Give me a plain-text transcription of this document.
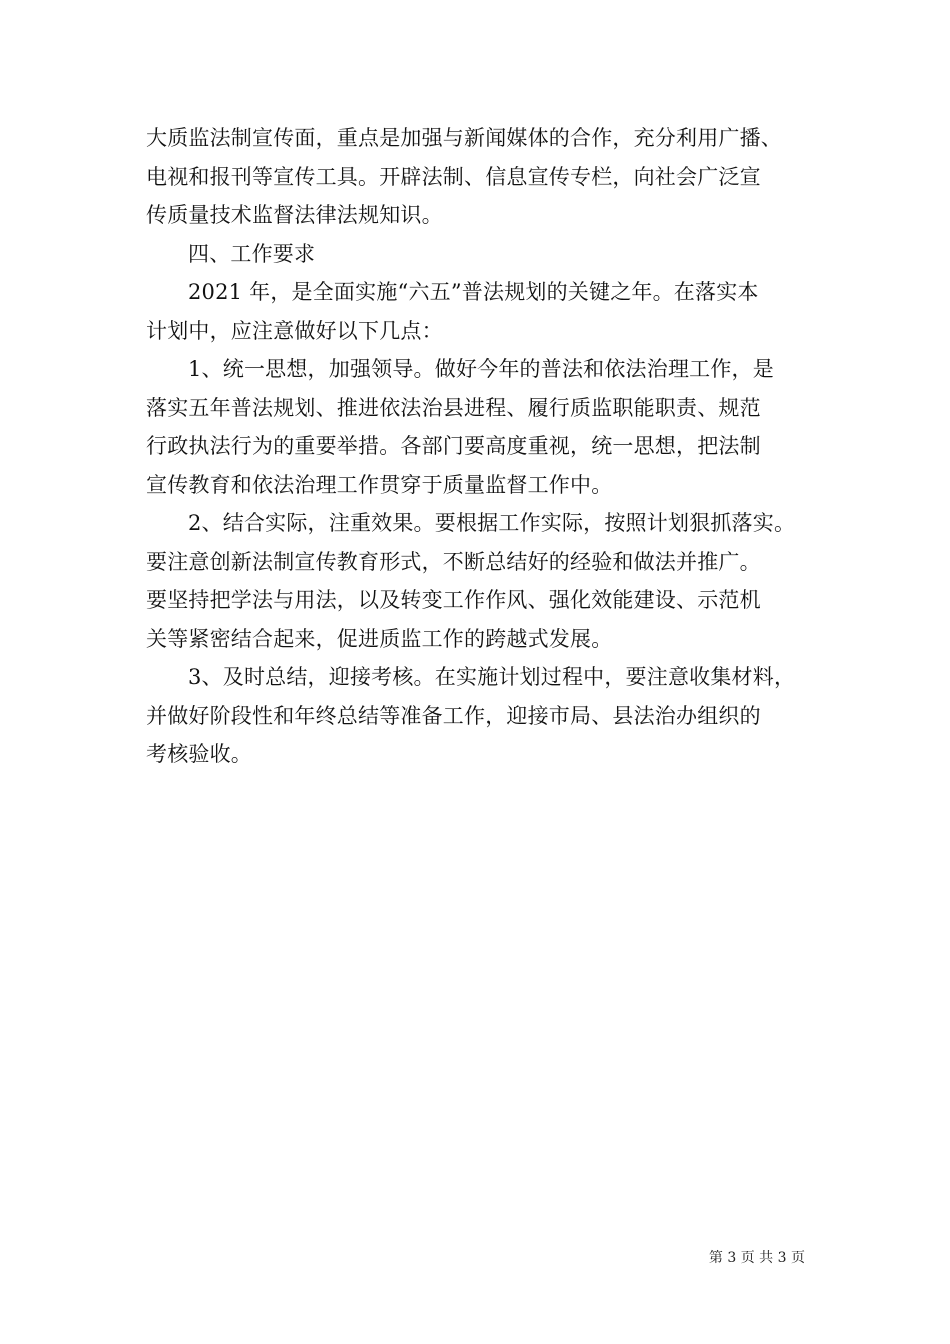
大质监法制宣传面，重点是加强与新闻媒体的合作，充分利用广播、
电视和报刊等宣传工具。开辟法制、信息宣传专栏，向社会广泛宣
传质量技术监督法律法规知识。
四、工作要求
2021 年，是全面实施“六五”普法规划的关键之年。在落实本
计划中，应注意做好以下几点：
1、统一思想，加强领导。做好今年的普法和依法治理工作，是
落实五年普法规划、推进依法治县进程、履行质监职能职责、规范
行政执法行为的重要举措。各部门要高度重视，统一思想，把法制
宣传教育和依法治理工作贯穿于质量监督工作中。
2、结合实际，注重效果。要根据工作实际，按照计划狠抓落实。
要注意创新法制宣传教育形式，不断总结好的经验和做法并推广。
要坚持把学法与用法，以及转变工作作风、强化效能建设、示范机
关等紧密结合起来，促进质监工作的跨越式发展。
3、及时总结，迎接考核。在实施计划过程中，要注意收集材料，
并做好阶段性和年终总结等准备工作，迎接市局、县法治办组织的
考核验收。
第 3 页 共 3 页
